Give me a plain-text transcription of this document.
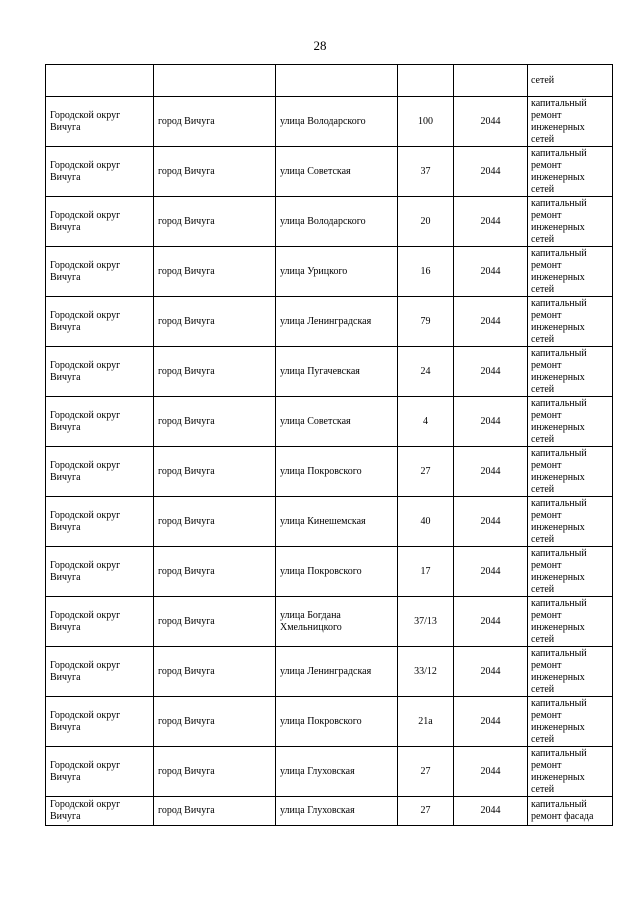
28
					сетей
Городской округ Вичуга	город Вичуга	улица Володарского	100	2044	капитальный ремонт инженерных сетей
Городской округ Вичуга	город Вичуга	улица Советская	37	2044	капитальный ремонт инженерных сетей
Городской округ Вичуга	город Вичуга	улица Володарского	20	2044	капитальный ремонт инженерных сетей
Городской округ Вичуга	город Вичуга	улица Урицкого	16	2044	капитальный ремонт инженерных сетей
Городской округ Вичуга	город Вичуга	улица Ленинградская	79	2044	капитальный ремонт инженерных сетей
Городской округ Вичуга	город Вичуга	улица Пугачевская	24	2044	капитальный ремонт инженерных сетей
Городской округ Вичуга	город Вичуга	улица Советская	4	2044	капитальный ремонт инженерных сетей
Городской округ Вичуга	город Вичуга	улица Покровского	27	2044	капитальный ремонт инженерных сетей
Городской округ Вичуга	город Вичуга	улица Кинешемская	40	2044	капитальный ремонт инженерных сетей
Городской округ Вичуга	город Вичуга	улица Покровского	17	2044	капитальный ремонт инженерных сетей
Городской округ Вичуга	город Вичуга	улица Богдана Хмельницкого	37/13	2044	капитальный ремонт инженерных сетей
Городской округ Вичуга	город Вичуга	улица Ленинградская	33/12	2044	капитальный ремонт инженерных сетей
Городской округ Вичуга	город Вичуга	улица Покровского	21а	2044	капитальный ремонт инженерных сетей
Городской округ Вичуга	город Вичуга	улица Глуховская	27	2044	капитальный ремонт инженерных сетей
Городской округ Вичуга	город Вичуга	улица Глуховская	27	2044	капитальный ремонт фасада
